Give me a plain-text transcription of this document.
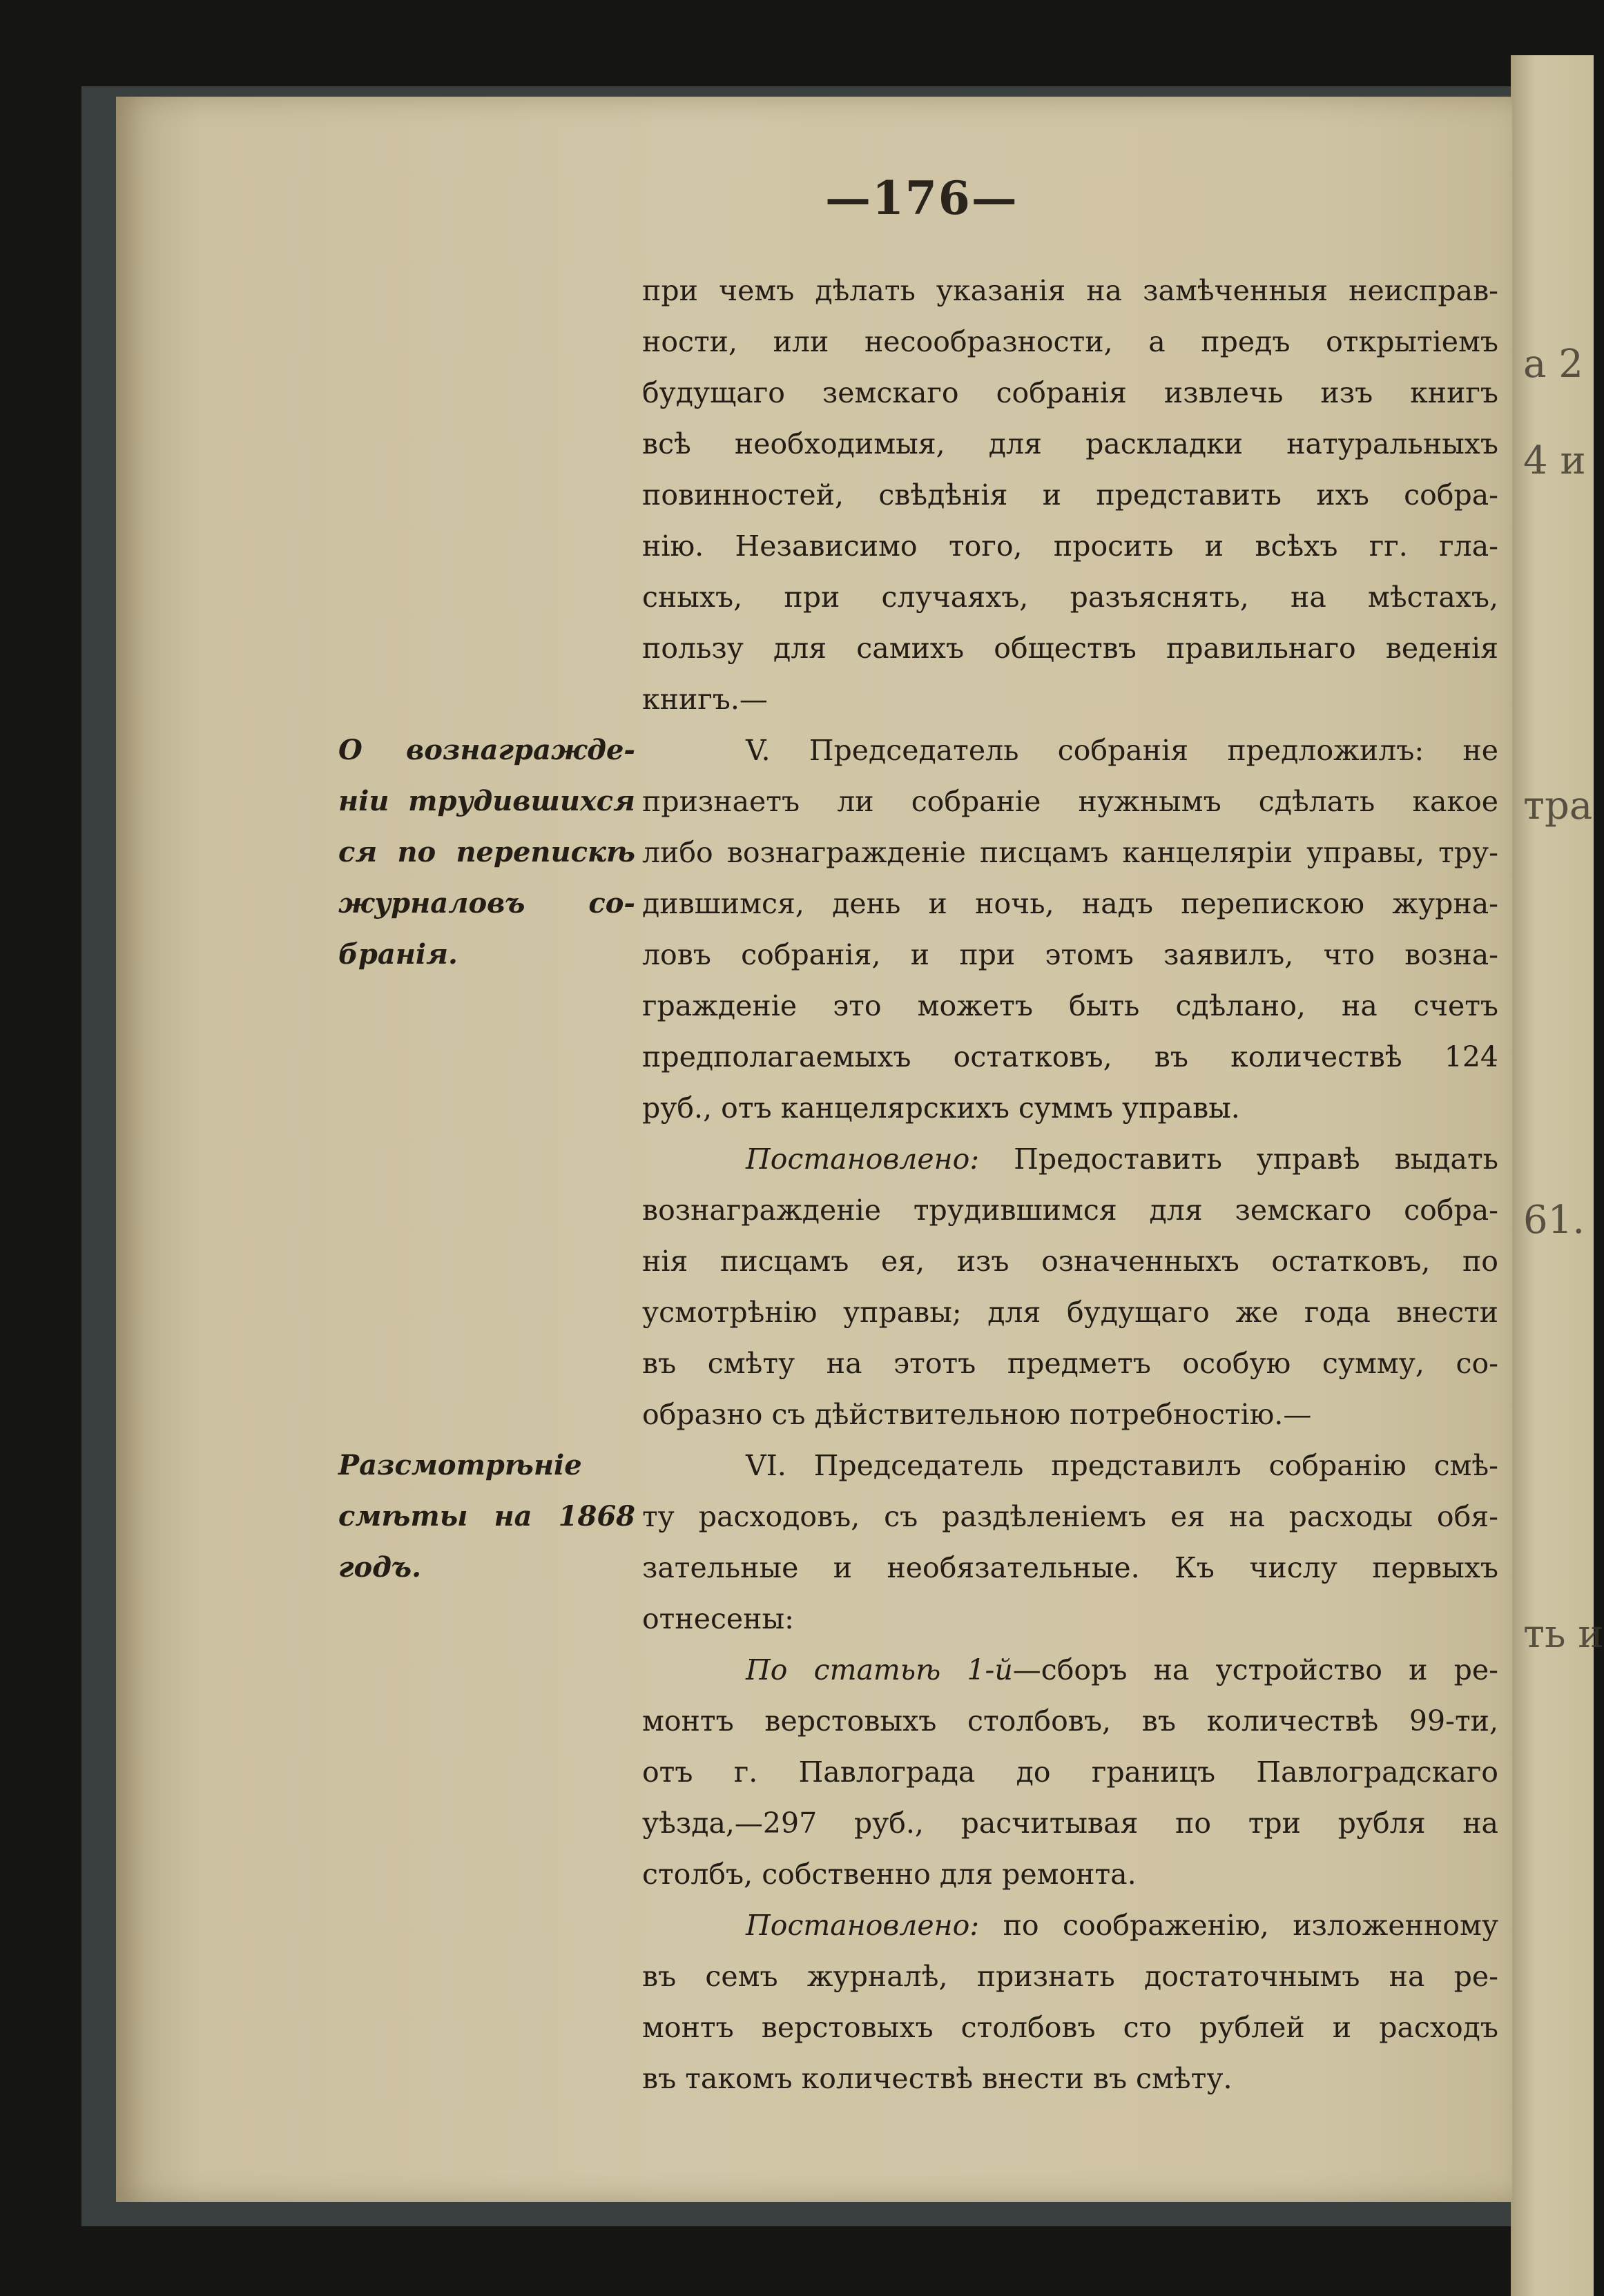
а 2
4 и
тра
61.
ть и
—176—
при чемъ дѣлать указанія на замѣченныя неисправ-
ности, или несообразности, а предъ открытіемъ
будущаго земскаго собранія извлечь изъ книгъ
всѣ необходимыя, для раскладки натуральныхъ
повинностей, свѣдѣнія и представить ихъ собра-
нію. Независимо того, просить и всѣхъ гг. гла-
сныхъ, при случаяхъ, разъяснять, на мѣстахъ,
пользу для самихъ обществъ правильнаго веденія
книгъ.—
О вознагражде-
ніи трудившихся
ся по перепискѣ
журналовъ со-
бранія.
V. Председатель собранія предложилъ: не
признаетъ ли собраніе нужнымъ сдѣлать какое
либо вознагражденіе писцамъ канцеляріи управы, тру-
дившимся, день и ночь, надъ перепискою журна-
ловъ собранія, и при этомъ заявилъ, что возна-
гражденіе это можетъ быть сдѣлано, на счетъ
предполагаемыхъ остатковъ, въ количествѣ 124
руб., отъ канцелярскихъ суммъ управы.
Постановлено: Предоставить управѣ выдать
вознагражденіе трудившимся для земскаго собра-
нія писцамъ ея, изъ означенныхъ остатковъ, по
усмотрѣнію управы; для будущаго же года внести
въ смѣту на этотъ предметъ особую сумму, со-
образно съ дѣйствительною потребностію.—
Разсмотрѣніе
смѣты на 1868
годъ.
VI. Председатель представилъ собранію смѣ-
ту расходовъ, съ раздѣленіемъ ея на расходы обя-
зательные и необязательные. Къ числу первыхъ
отнесены:
По статьѣ 1-й—сборъ на устройство и ре-
монтъ верстовыхъ столбовъ, въ количествѣ 99-ти,
отъ г. Павлограда до границъ Павлоградскаго
уѣзда,—297 руб., расчитывая по три рубля на
столбъ, собственно для ремонта.
Постановлено: по соображенію, изложенному
въ семъ журналѣ, признать достаточнымъ на ре-
монтъ верстовыхъ столбовъ сто рублей и расходъ
въ такомъ количествѣ внести въ смѣту.
